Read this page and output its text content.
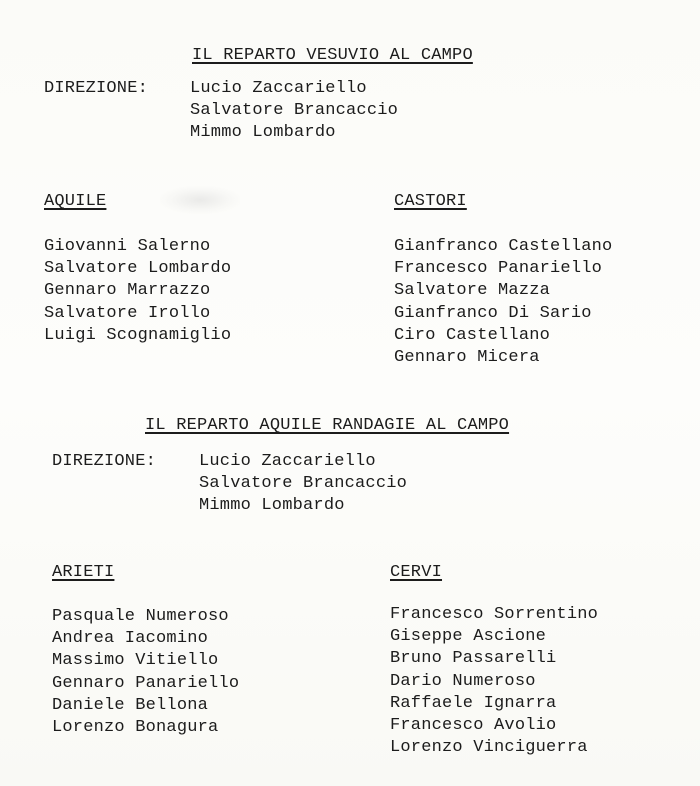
IL REPARTO VESUVIO AL CAMPO
DIREZIONE: Lucio Zaccariello
Salvatore Brancaccio
Mimmo Lombardo
AQUILE
Giovanni Salerno
Salvatore Lombardo
Gennaro Marrazzo
Salvatore Irollo
Luigi Scognamiglio
CASTORI
Gianfranco Castellano
Francesco Panariello
Salvatore Mazza
Gianfranco Di Sario
Ciro Castellano
Gennaro Micera
IL REPARTO AQUILE RANDAGIE AL CAMPO
DIREZIONE:	Lucio Zaccariello
Salvatore Brancaccio
Mimmo Lombardo
ARIETI
Pasquale Numeroso
Andrea Iacomino
Massimo Vitiello
Gennaro Panariello
Daniele Bellona
Lorenzo Bonagura
CERVI
Francesco Sorrentino
Giseppe Ascione
Bruno Passarelli
Dario Numeroso
Raffaele Ignarra
Francesco Avolio
Lorenzo Vinciguerra
